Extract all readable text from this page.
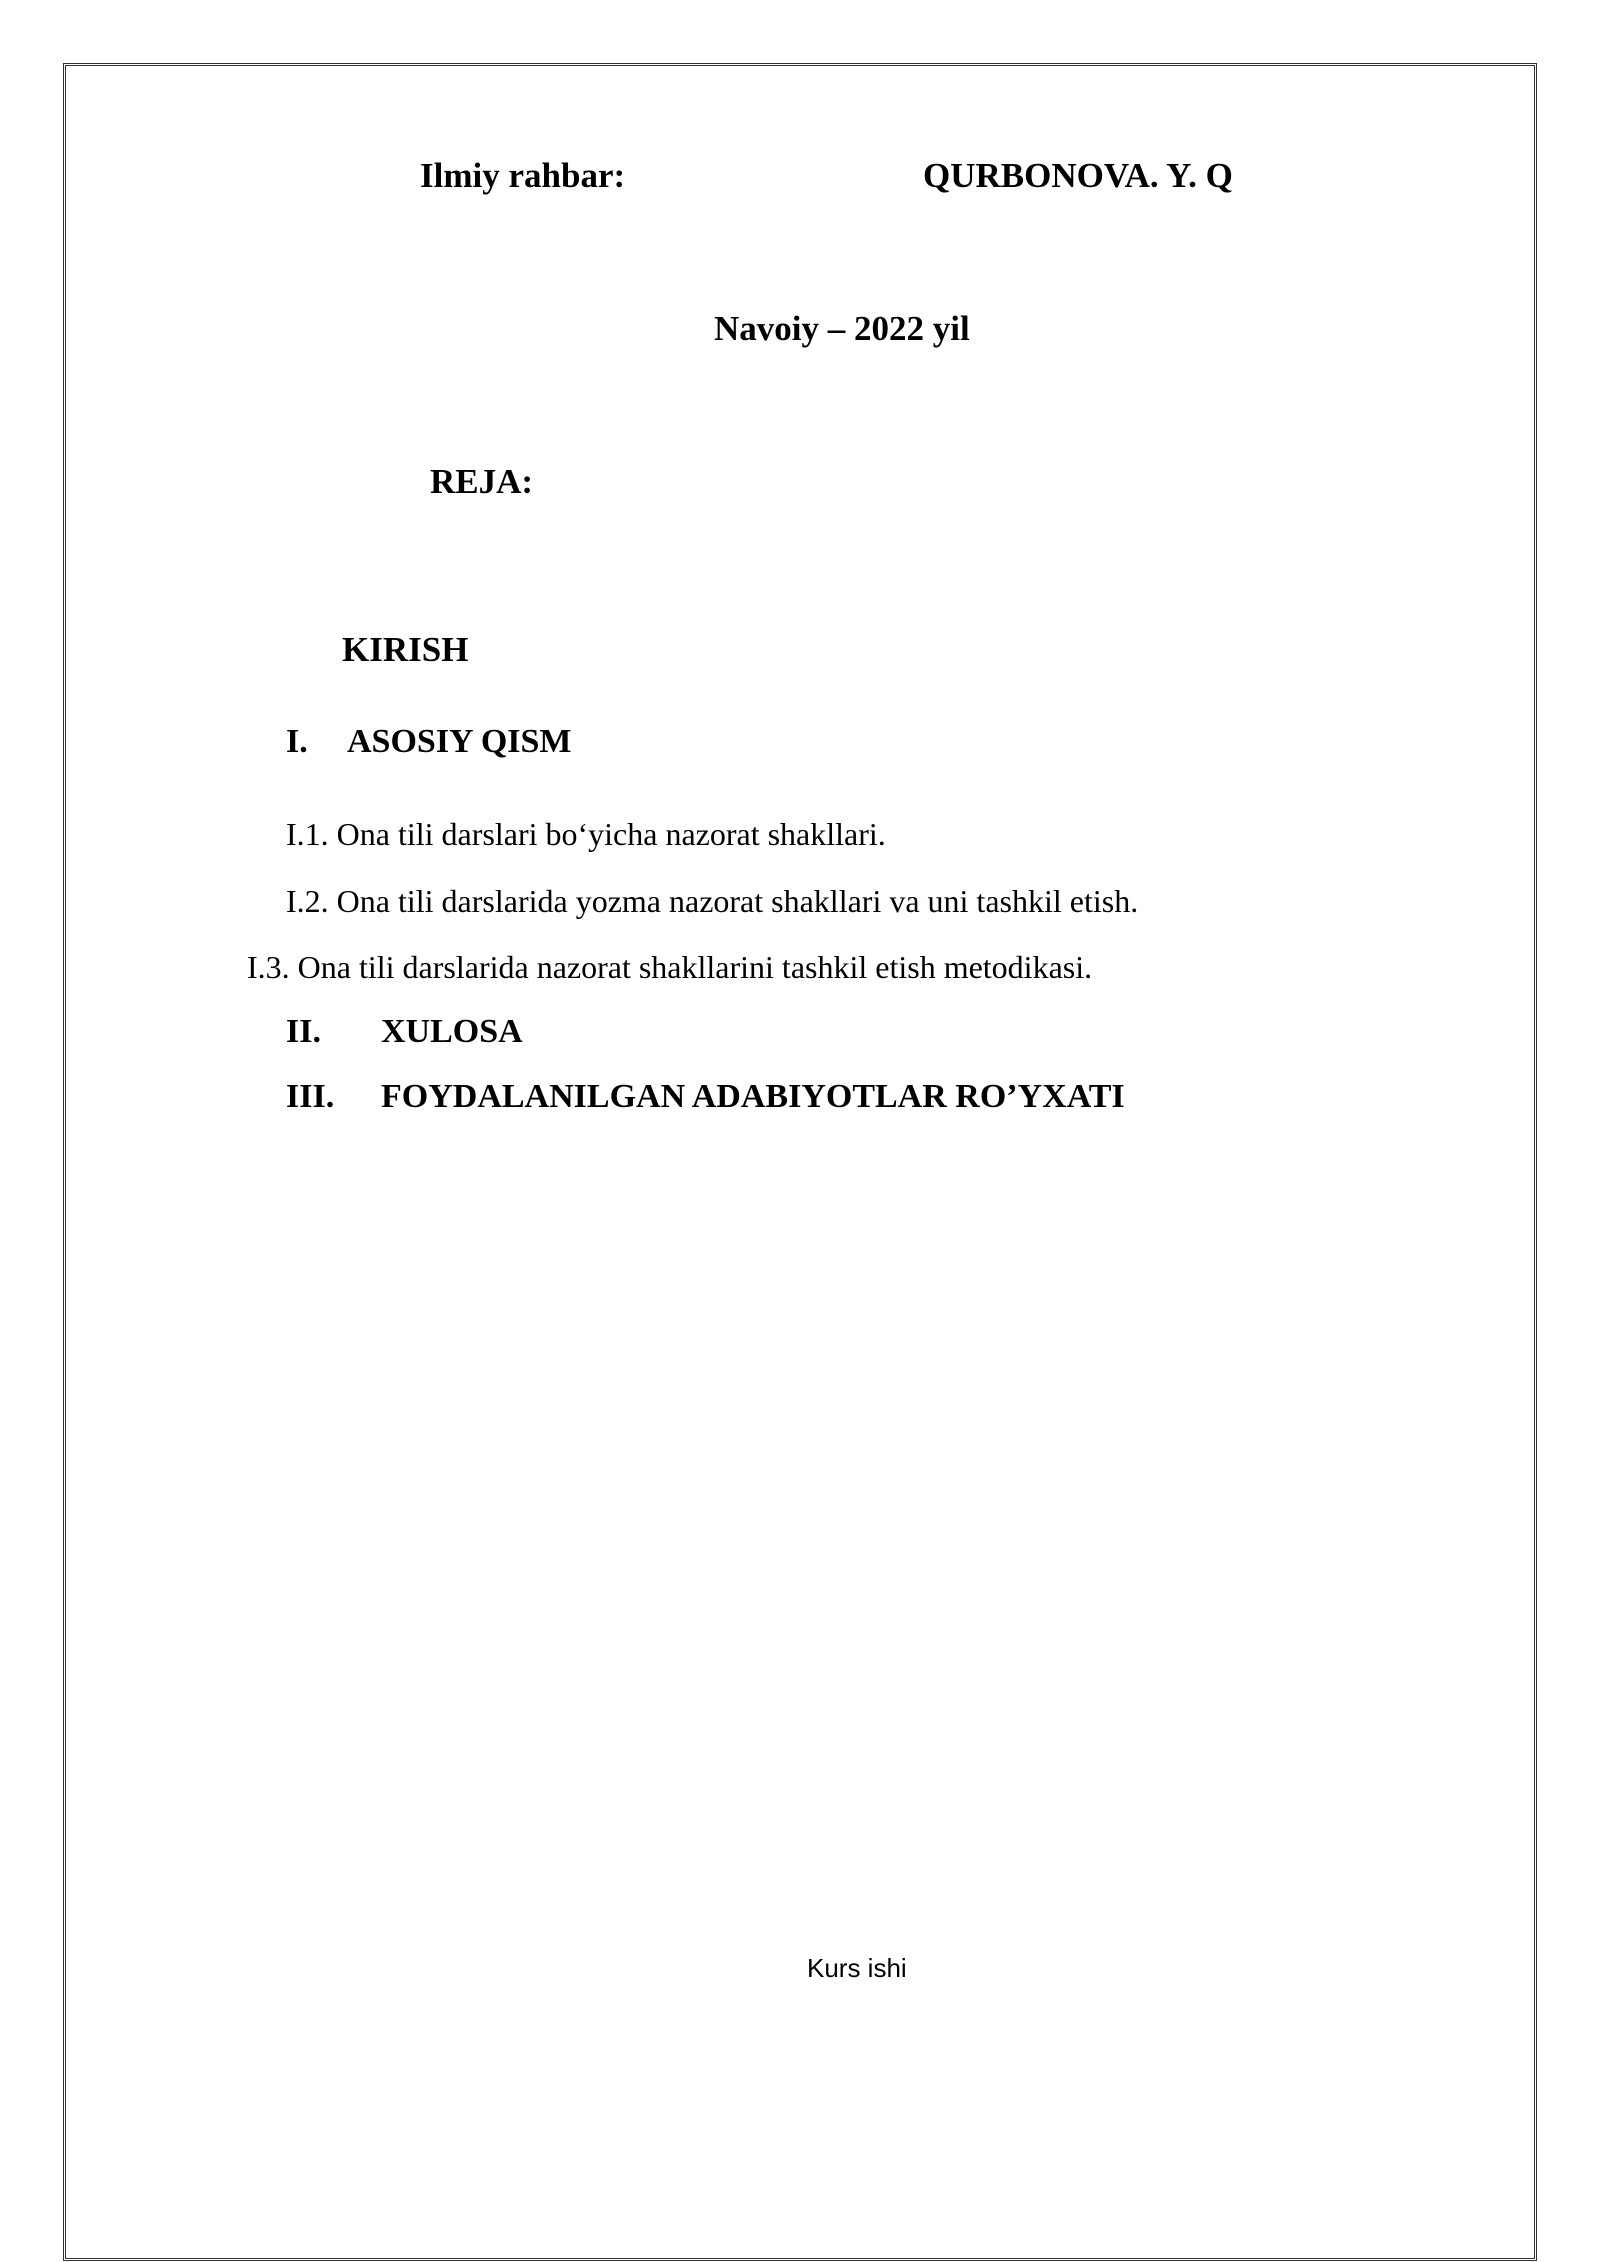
Ilmiy rahbar:	QURBONOVA. Y. Q
Navoiy – 2022 yil
REJA:
KIRISH
I. ASOSIY QISM
I.1. Ona tili darslari bo‘yicha nazorat shakllari.
I.2. Ona tili darslarida yozma nazorat shakllari va uni tashkil etish.
I.3. Ona tili darslarida nazorat shakllarini tashkil etish metodikasi.
II. XULOSA
III. FOYDALANILGAN ADABIYOTLAR RO’YXATI
Kurs ishi
